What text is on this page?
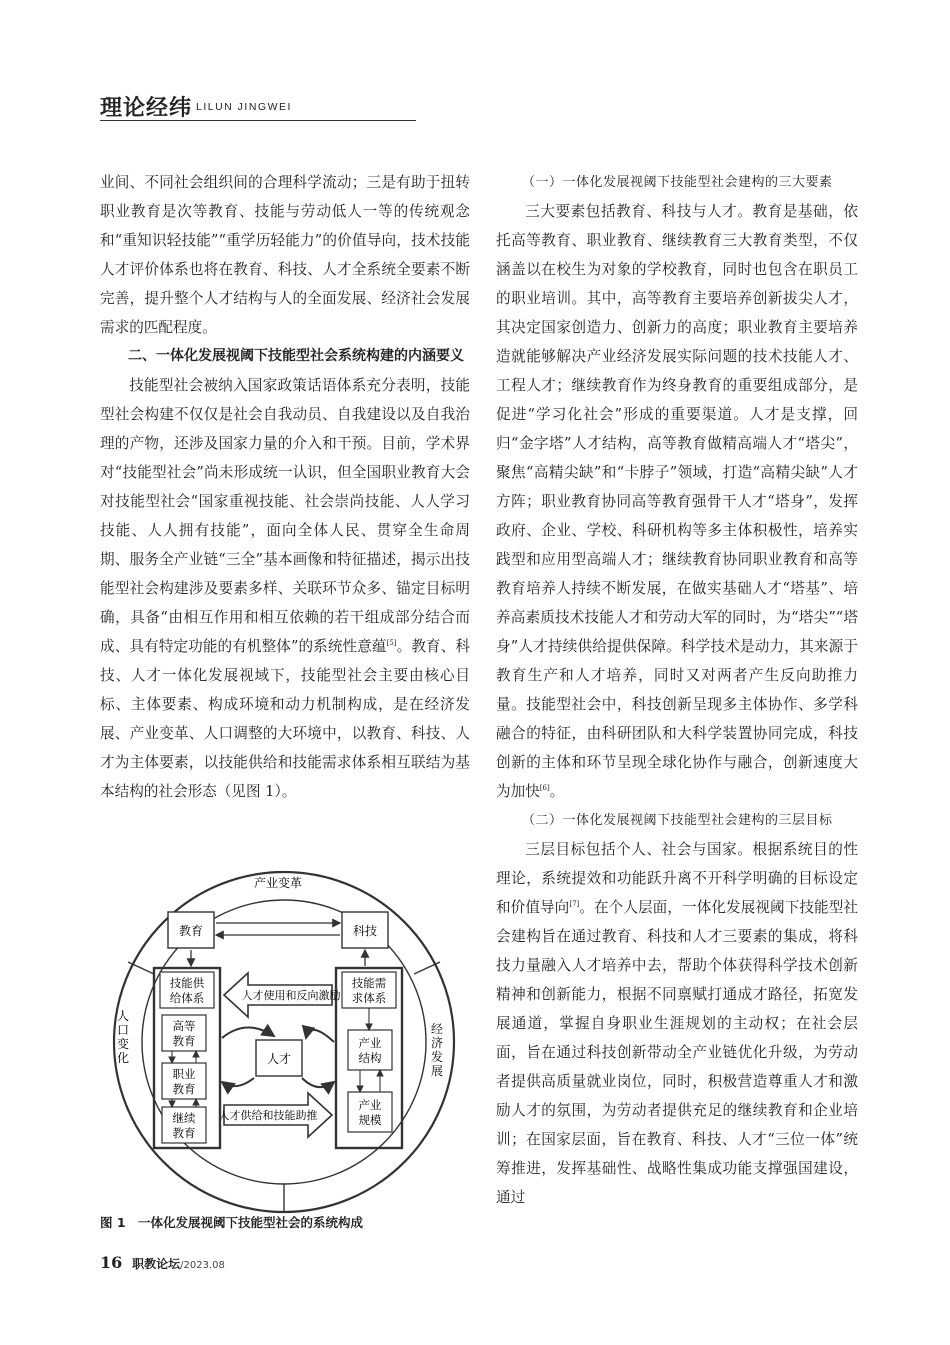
理论经纬 LILUN JINGWEI

业间、不同社会组织间的合理科学流动；三是有助于扭转职业教育是次等教育、技能与劳动低人一等的传统观念和“重知识轻技能”“重学历轻能力”的价值导向，技术技能人才评价体系也将在教育、科技、人才全系统全要素不断完善，提升整个人才结构与人的全面发展、经济社会发展需求的匹配程度。

二、一体化发展视阈下技能型社会系统构建的内涵要义

技能型社会被纳入国家政策话语体系充分表明，技能型社会构建不仅仅是社会自我动员、自我建设以及自我治理的产物，还涉及国家力量的介入和干预。目前，学术界对“技能型社会”尚未形成统一认识，但全国职业教育大会对技能型社会“国家重视技能、社会崇尚技能、人人学习技能、人人拥有技能”，面向全体人民、贯穿全生命周期、服务全产业链“三全”基本画像和特征描述，揭示出技能型社会构建涉及要素多样、关联环节众多、锚定目标明确，具备“由相互作用和相互依赖的若干组成部分结合而成、具有特定功能的有机整体”的系统性意蕴[5]。教育、科技、人才一体化发展视域下，技能型社会主要由核心目标、主体要素、构成环境和动力机制构成，是在经济发展、产业变革、人口调整的大环境中，以教育、科技、人才为主体要素，以技能供给和技能需求体系相互联结为基本结构的社会形态（见图 1）。

（一）一体化发展视阈下技能型社会建构的三大要素

三大要素包括教育、科技与人才。教育是基础，依托高等教育、职业教育、继续教育三大教育类型，不仅涵盖以在校生为对象的学校教育，同时也包含在职员工的职业培训。其中，高等教育主要培养创新拔尖人才，其决定国家创造力、创新力的高度；职业教育主要培养造就能够解决产业经济发展实际问题的技术技能人才、工程人才；继续教育作为终身教育的重要组成部分，是促进“学习化社会”形成的重要渠道。人才是支撑，回归“金字塔”人才结构，高等教育做精高端人才“塔尖”，聚焦“高精尖缺”和“卡脖子”领域，打造“高精尖缺”人才方阵；职业教育协同高等教育强骨干人才“塔身”，发挥政府、企业、学校、科研机构等多主体积极性，培养实践型和应用型高端人才；继续教育协同职业教育和高等教育培养人持续不断发展，在做实基础人才“塔基”、培养高素质技术技能人才和劳动大军的同时，为“塔尖”“塔身”人才持续供给提供保障。科学技术是动力，其来源于教育生产和人才培养，同时又对两者产生反向助推力量。技能型社会中，科技创新呈现多主体协作、多学科融合的特征，由科研团队和大科学装置协同完成，科技创新的主体和环节呈现全球化协作与融合，创新速度大为加快[6]。

（二）一体化发展视阈下技能型社会建构的三层目标

三层目标包括个人、社会与国家。根据系统目的性理论，系统提效和功能跃升离不开科学明确的目标设定和价值导向[7]。在个人层面，一体化发展视阈下技能型社会建构旨在通过教育、科技和人才三要素的集成，将科技力量融入人才培养中去，帮助个体获得科学技术创新精神和创新能力，根据不同禀赋打通成才路径，拓宽发展通道，掌握自身职业生涯规划的主动权；在社会层面，旨在通过科技创新带动全产业链优化升级，为劳动者提供高质量就业岗位，同时，积极营造尊重人才和激励人才的氛围，为劳动者提供充足的继续教育和企业培训；在国家层面，旨在教育、科技、人才“三位一体”统筹推进，发挥基础性、战略性集成功能支撑强国建设，通过

产业变革
人
口
变
化
经
济
发
展
教育	科技
技能供
给体系
高等
教育
职业
教育
继续
教育
技能需
求体系
产业
结构
产业
规模
人才使用和反向激励
人才供给和技能助推
人才
图 1　一体化发展视阈下技能型社会的系统构成
16 职教论坛/2023.08
